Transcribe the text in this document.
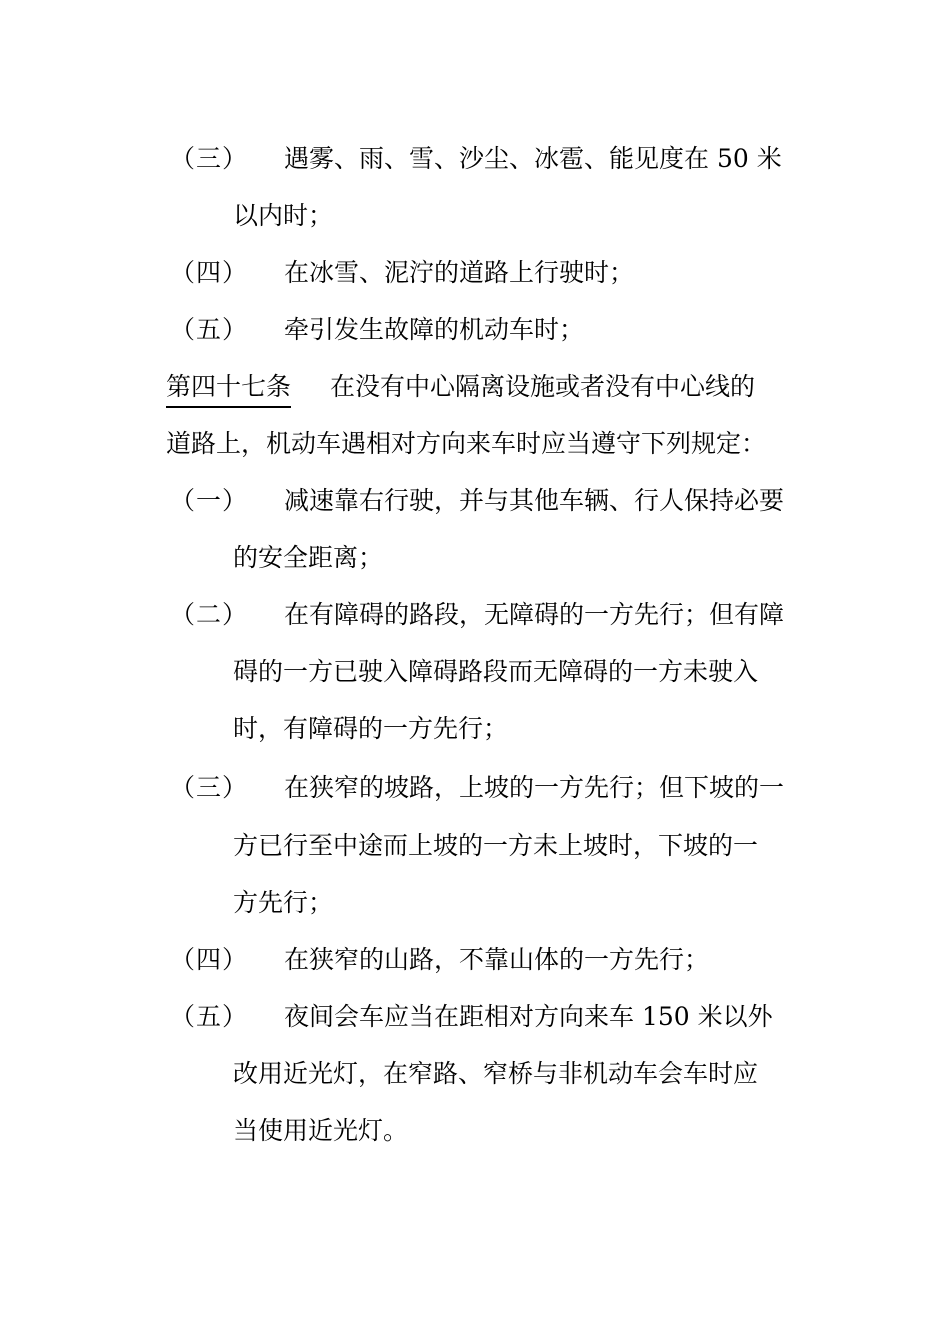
（三） 遇雾、雨、雪、沙尘、冰雹、能见度在 50 米
以内时；
（四） 在冰雪、泥泞的道路上行驶时；
（五） 牵引发生故障的机动车时；
第四十七条 在没有中心隔离设施或者没有中心线的
道路上，机动车遇相对方向来车时应当遵守下列规定：
（一） 减速靠右行驶，并与其他车辆、行人保持必要
的安全距离；
（二） 在有障碍的路段，无障碍的一方先行；但有障
碍的一方已驶入障碍路段而无障碍的一方未驶入
时，有障碍的一方先行；
（三） 在狭窄的坡路，上坡的一方先行；但下坡的一
方已行至中途而上坡的一方未上坡时，下坡的一
方先行；
（四） 在狭窄的山路，不靠山体的一方先行；
（五） 夜间会车应当在距相对方向来车 150 米以外
改用近光灯，在窄路、窄桥与非机动车会车时应
当使用近光灯。
